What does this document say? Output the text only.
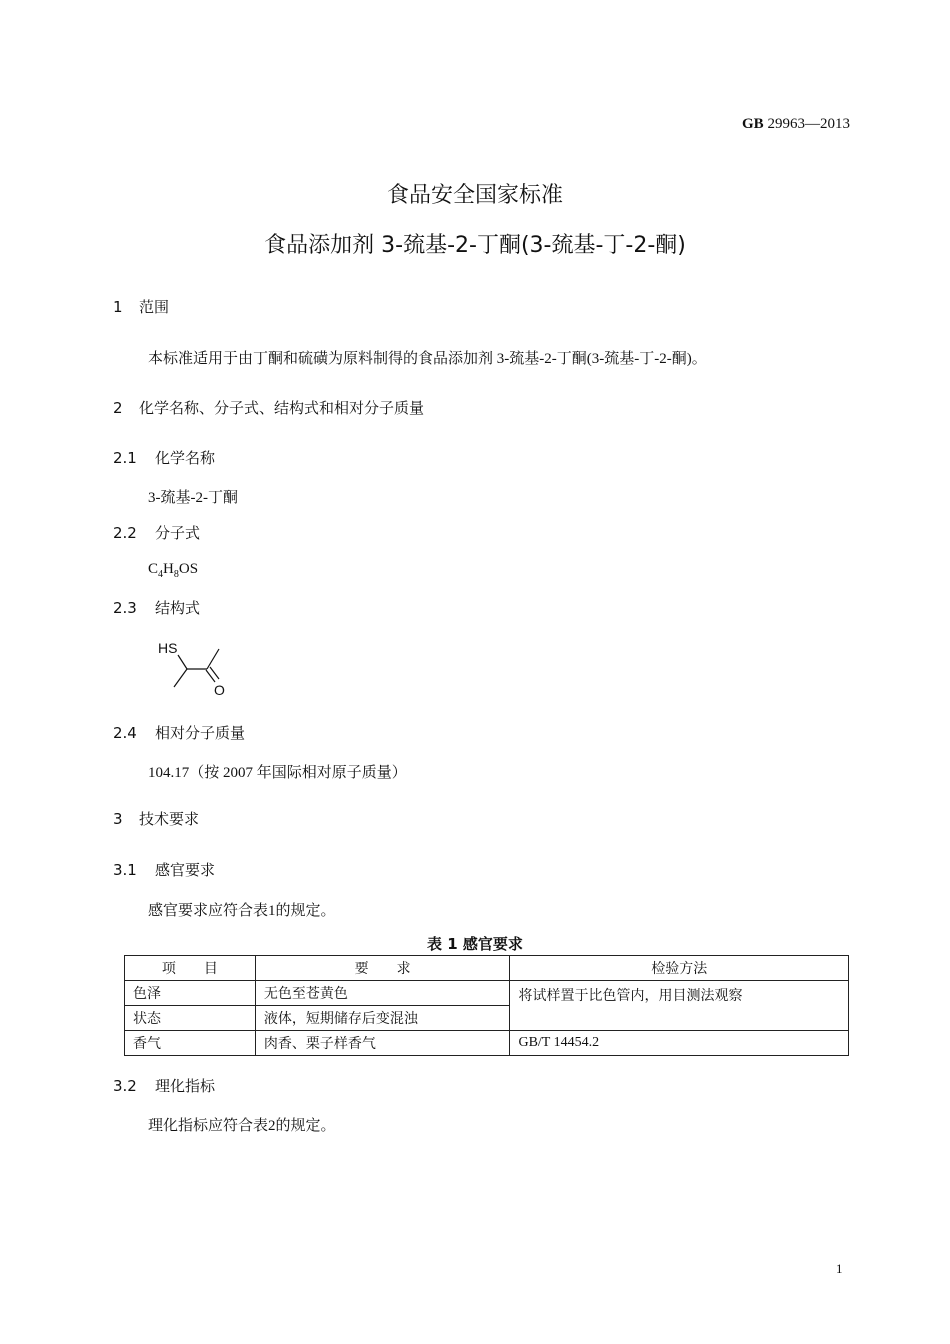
GB 29963—2013
食品安全国家标准
食品添加剂 3-巯基-2-丁酮(3-巯基-丁-2-酮)
1 范围
本标准适用于由丁酮和硫磺为原料制得的食品添加剂 3-巯基-2-丁酮(3-巯基-丁-2-酮)。
2 化学名称、分子式、结构式和相对分子质量
2.1 化学名称
3-巯基-2-丁酮
2.2 分子式
$C_4H_8OS$
2.3 结构式
HS
O
2.4 相对分子质量
104.17（按 2007 年国际相对原子质量）
3 技术要求
3.1 感官要求
感官要求应符合表1的规定。
表 1 感官要求
项　　目	要　　求	检验方法
色泽	无色至苍黄色	将试样置于比色管内，用目测法观察
状态	液体，短期储存后变混浊	
香气	肉香、栗子样香气	GB/T 14454.2
3.2 理化指标
理化指标应符合表2的规定。
1
